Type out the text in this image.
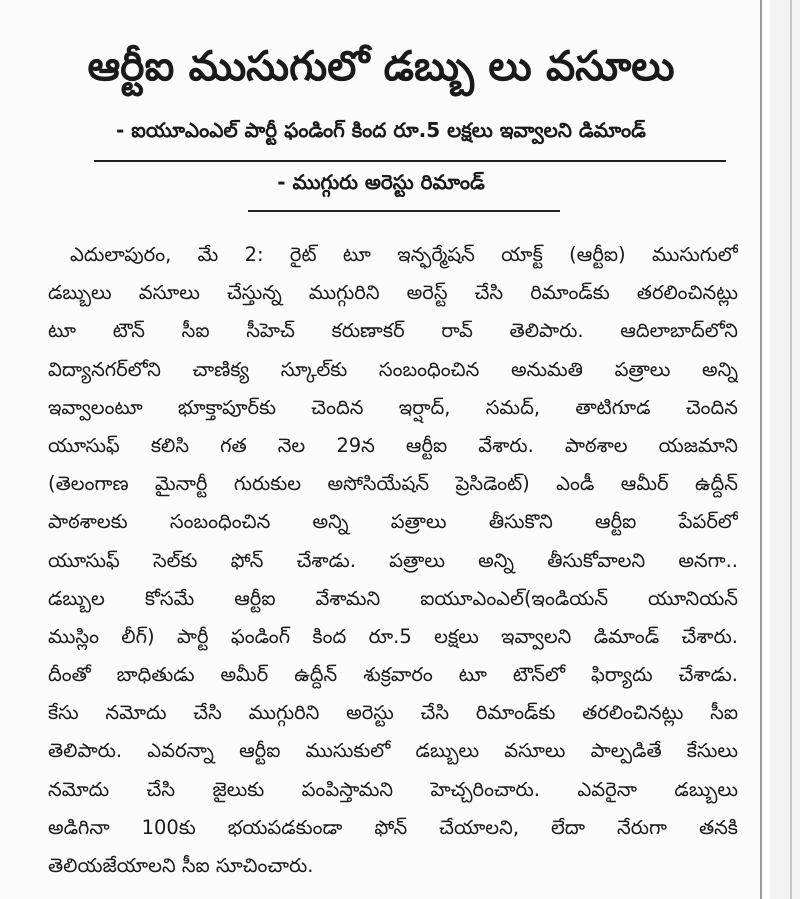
ఆర్టీఐ ముసుగులో డబ్బు లు వసూలు

- ఐయూఎంఎల్ పార్టీ ఫండింగ్ కింద రూ.5 లక్షలు ఇవ్వాలని డిమాండ్

- ముగ్గురు అరెస్టు రిమాండ్

ఎదులాపురం, మే 2: రైట్ టూ ఇన్ఫర్మేషన్ యాక్ట్ (ఆర్టీఐ) ముసుగులో
డబ్బులు వసూలు చేస్తున్న ముగ్గురిని అరెస్ట్ చేసి రిమాండ్‌కు తరలించినట్లు
టూ టౌన్ సీఐ సీహెచ్ కరుణాకర్ రావ్ తెలిపారు. ఆదిలాబాద్‌లోని
విద్యానగర్‌లోని చాణిక్య స్కూల్‌కు సంబంధించిన అనుమతి పత్రాలు అన్ని
ఇవ్వాలంటూ భూక్తాపూర్‌కు చెందిన ఇర్షాద్, సమద్, తాటిగూడ చెందిన
యూసుఫ్ కలిసి గత నెల 29న ఆర్టీఐ వేశారు. పాఠశాల యజమాని
(తెలంగాణ మైనార్టీ గురుకుల అసోసియేషన్ ప్రెసిడెంట్) ఎండీ ఆమీర్ ఉద్దీన్
పాఠశాలకు సంబంధించిన అన్ని పత్రాలు తీసుకొని ఆర్టీఐ పేపర్‌లో
యూసుఫ్ సెల్‌కు ఫోన్ చేశాడు. పత్రాలు అన్ని తీసుకోవాలని అనగా..
డబ్బుల కోసమే ఆర్టీఐ వేశామని ఐయూఎంఎల్(ఇండియన్ యూనియన్
ముస్లిం లీగ్) పార్టీ ఫండింగ్ కింద రూ.5 లక్షలు ఇవ్వాలని డిమాండ్ చేశారు.
దీంతో బాధితుడు అమీర్ ఉద్దీన్ శుక్రవారం టూ టౌన్‌లో ఫిర్యాదు చేశాడు.
కేసు నమోదు చేసి ముగ్గురిని అరెస్టు చేసి రిమాండ్‌కు తరలించినట్లు సీఐ
తెలిపారు. ఎవరన్నా ఆర్టీఐ ముసుకులో డబ్బులు వసూలు పాల్పడితే కేసులు
నమోదు చేసి జైలుకు పంపిస్తామని హెచ్చరించారు. ఎవరైనా డబ్బులు
అడిగినా 100కు భయపడకుండా ఫోన్ చేయాలని, లేదా నేరుగా తనకి
తెలియజేయాలని సీఐ సూచించారు.
